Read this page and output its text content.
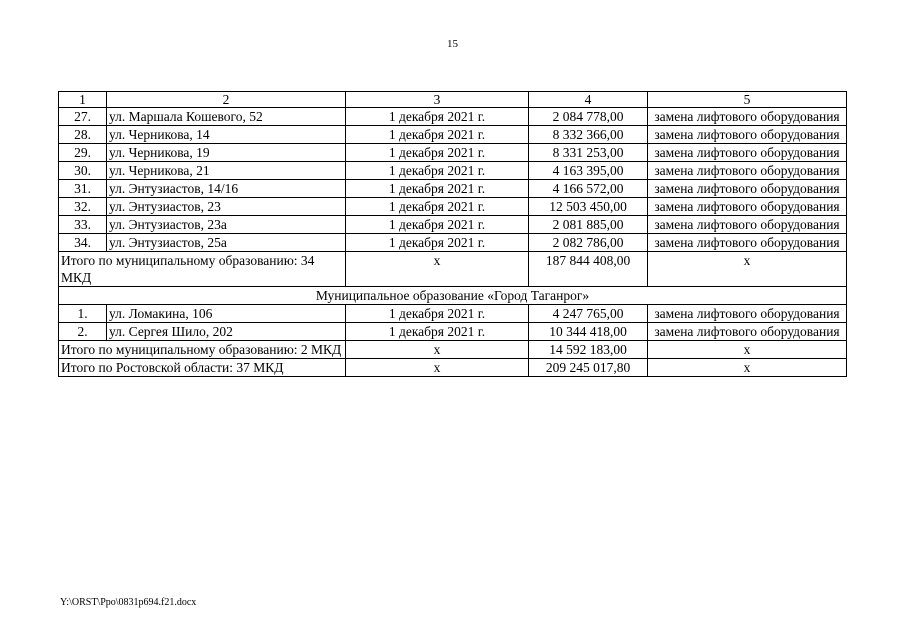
15
1	2	3	4	5
27.	ул. Маршала Кошевого, 52	1 декабря 2021 г.	2 084 778,00	замена лифтового оборудования
28.	ул. Черникова, 14	1 декабря 2021 г.	8 332 366,00	замена лифтового оборудования
29.	ул. Черникова, 19	1 декабря 2021 г.	8 331 253,00	замена лифтового оборудования
30.	ул. Черникова, 21	1 декабря 2021 г.	4 163 395,00	замена лифтового оборудования
31.	ул. Энтузиастов, 14/16	1 декабря 2021 г.	4 166 572,00	замена лифтового оборудования
32.	ул. Энтузиастов, 23	1 декабря 2021 г.	12 503 450,00	замена лифтового оборудования
33.	ул. Энтузиастов, 23а	1 декабря 2021 г.	2 081 885,00	замена лифтового оборудования
34.	ул. Энтузиастов, 25а	1 декабря 2021 г.	2 082 786,00	замена лифтового оборудования
Итого по муниципальному образованию: 34 МКД		х	187 844 408,00	х
Муниципальное образование «Город Таганрог»				
1.	ул. Ломакина, 106	1 декабря 2021 г.	4 247 765,00	замена лифтового оборудования
2.	ул. Сергея Шило, 202	1 декабря 2021 г.	10 344 418,00	замена лифтового оборудования
Итого по муниципальному образованию: 2 МКД		х	14 592 183,00	х
Итого по Ростовской области: 37 МКД		х	209 245 017,80	х
Y:\ORST\Ppo\0831p694.f21.docx
